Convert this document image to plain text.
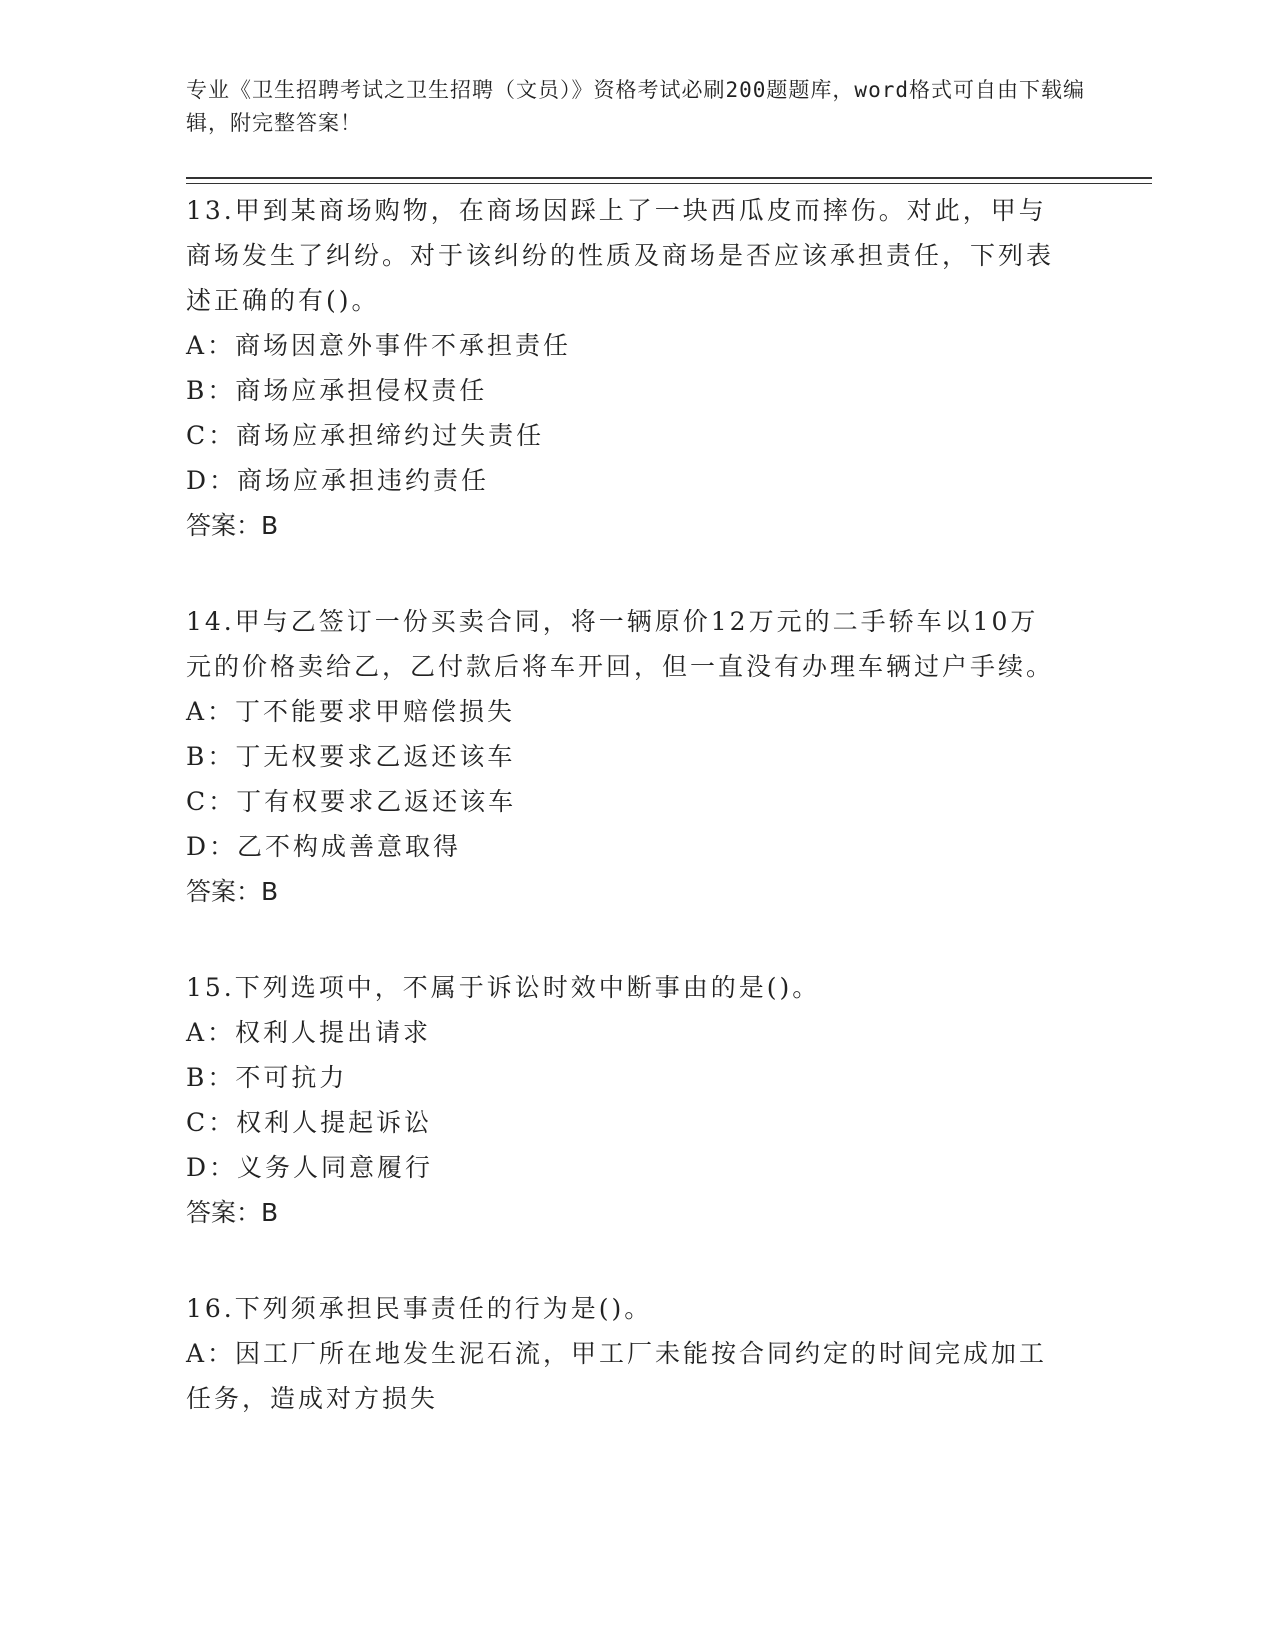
专业《卫生招聘考试之卫生招聘（文员）》资格考试必刷200题题库，word格式可自由下载编辑，附完整答案！

13.甲到某商场购物，在商场因踩上了一块西瓜皮而摔伤。对此，甲与商场发生了纠纷。对于该纠纷的性质及商场是否应该承担责任，下列表述正确的有()。

A：商场因意外事件不承担责任

B：商场应承担侵权责任

C：商场应承担缔约过失责任

D：商场应承担违约责任

答案：B

14.甲与乙签订一份买卖合同，将一辆原价12万元的二手轿车以10万元的价格卖给乙，乙付款后将车开回，但一直没有办理车辆过户手续。

A：丁不能要求甲赔偿损失

B：丁无权要求乙返还该车

C：丁有权要求乙返还该车

D：乙不构成善意取得

答案：B

15.下列选项中，不属于诉讼时效中断事由的是()。

A：权利人提出请求

B：不可抗力

C：权利人提起诉讼

D：义务人同意履行

答案：B

16.下列须承担民事责任的行为是()。

A：因工厂所在地发生泥石流，甲工厂未能按合同约定的时间完成加工任务，造成对方损失
